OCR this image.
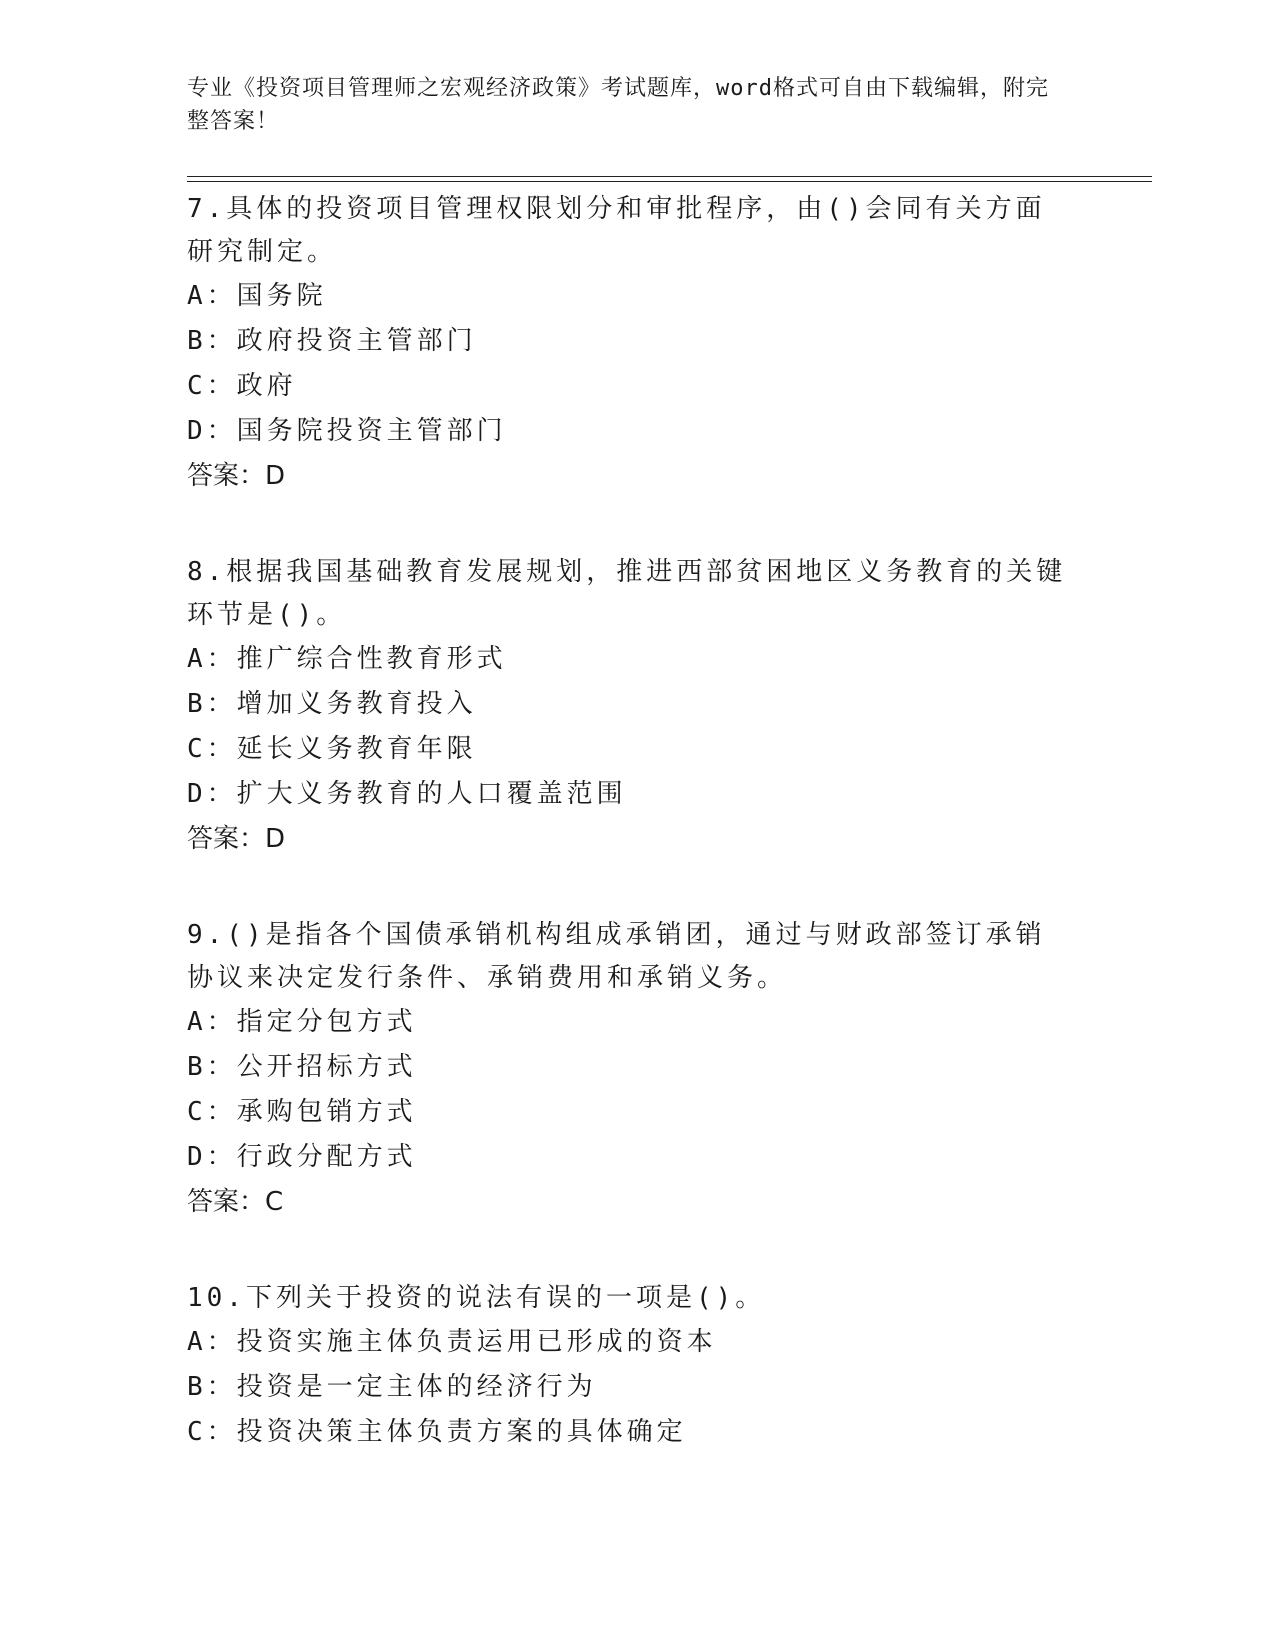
专业《投资项目管理师之宏观经济政策》考试题库，word格式可自由下载编辑，附完整答案！

7.具体的投资项目管理权限划分和审批程序，由()会同有关方面研究制定。

A：国务院

B：政府投资主管部门

C：政府

D：国务院投资主管部门

答案：D

8.根据我国基础教育发展规划，推进西部贫困地区义务教育的关键环节是()。

A：推广综合性教育形式

B：增加义务教育投入

C：延长义务教育年限

D：扩大义务教育的人口覆盖范围

答案：D

9.()是指各个国债承销机构组成承销团，通过与财政部签订承销协议来决定发行条件、承销费用和承销义务。

A：指定分包方式

B：公开招标方式

C：承购包销方式

D：行政分配方式

答案：C

10.下列关于投资的说法有误的一项是()。

A：投资实施主体负责运用已形成的资本

B：投资是一定主体的经济行为

C：投资决策主体负责方案的具体确定
